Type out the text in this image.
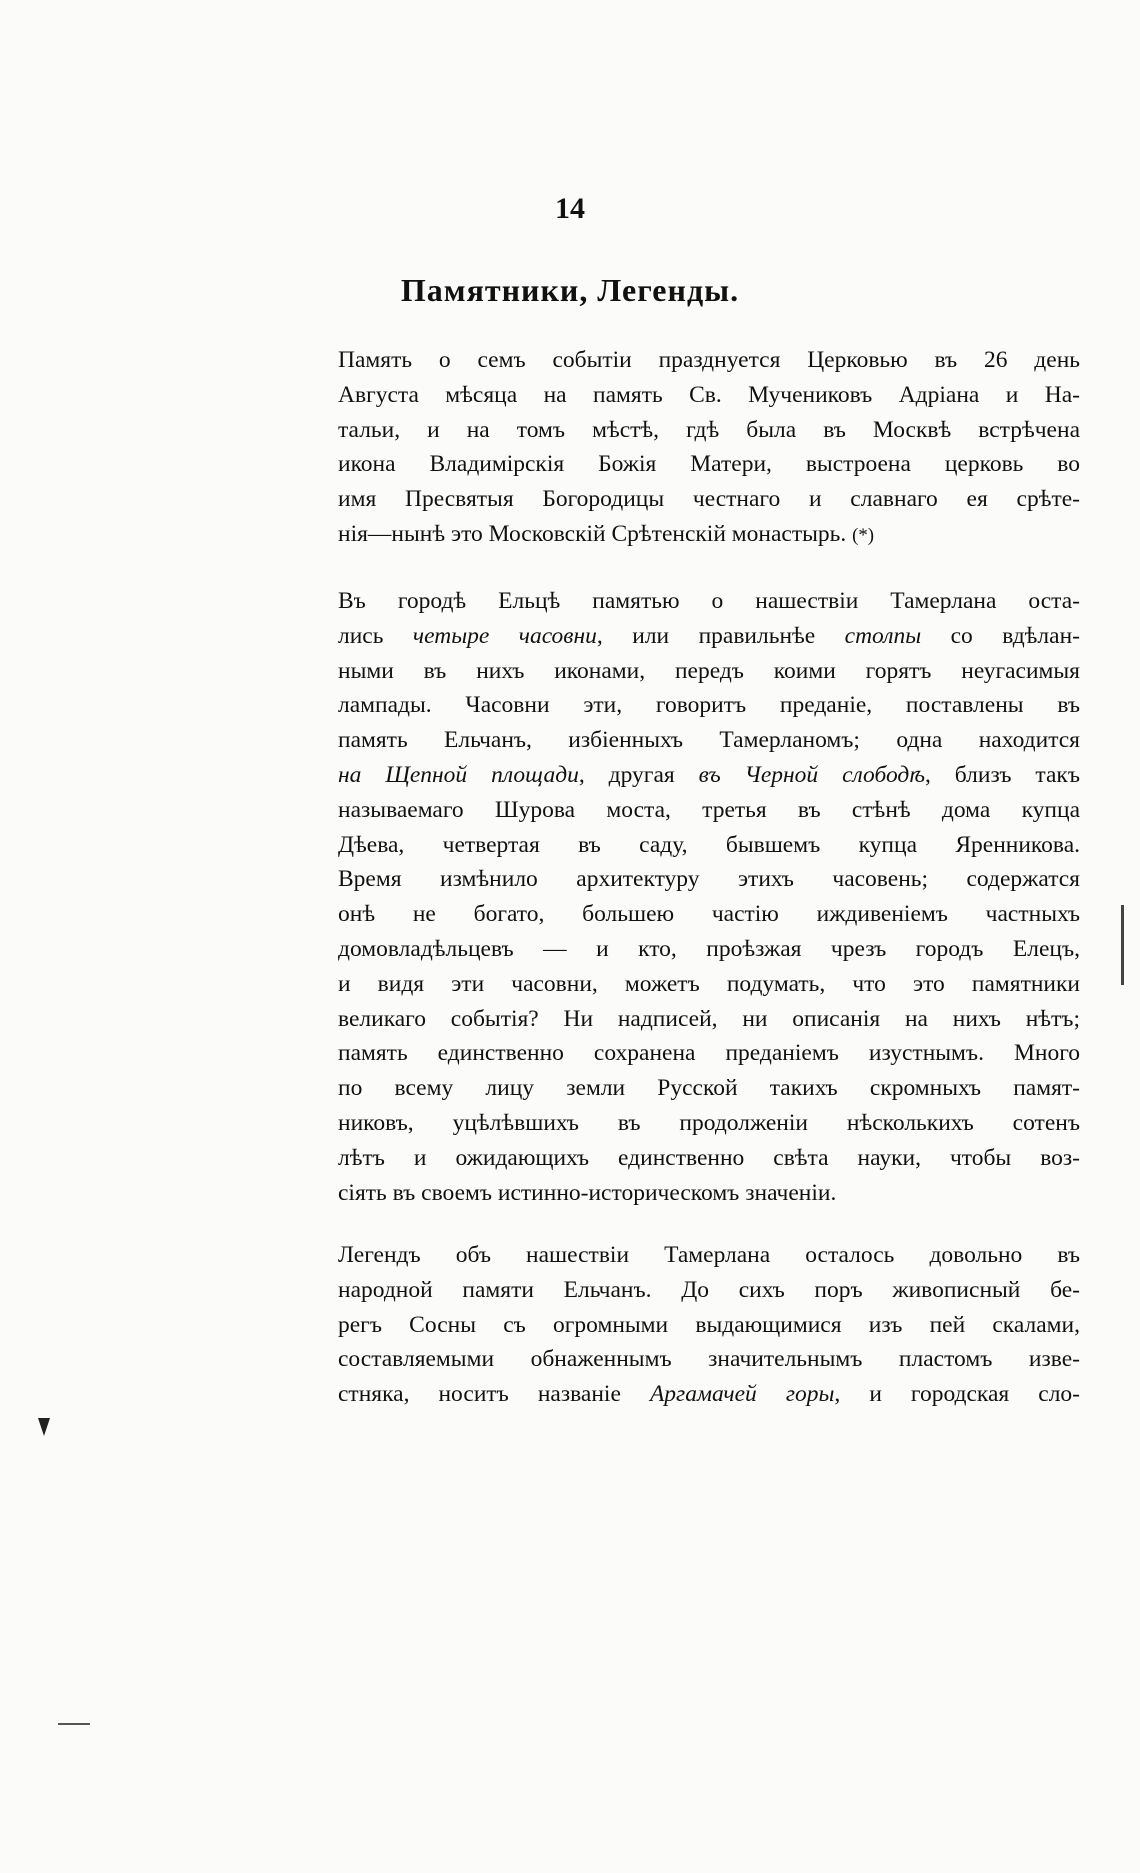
14
Памятники, Легенды.
Память о семъ событіи празднуется Церковью въ 26 день
Августа мѣсяца на память Св. Мучениковъ Адріана и На-
тальи, и на томъ мѣстѣ, гдѣ была въ Москвѣ встрѣчена
икона Владимірскія Божія Матери, выстроена церковь во
имя Пресвятыя Богородицы честнаго и славнаго ея срѣте-
нія—нынѣ это Московскій Срѣтенскій монастырь. (*)
Въ городѣ Ельцѣ памятью о нашествіи Тамерлана оста-
лись четыре часовни, или правильнѣе столпы со вдѣлан-
ными въ нихъ иконами, передъ коими горятъ неугасимыя
лампады. Часовни эти, говоритъ преданіе, поставлены въ
память Ельчанъ, избіенныхъ Тамерланомъ; одна находится
на Щепной площади, другая въ Черной слободѣ, близъ такъ
называемаго Шурова моста, третья въ стѣнѣ дома купца
Дѣева, четвертая въ саду, бывшемъ купца Яренникова.
Время измѣнило архитектуру этихъ часовень; содержатся
онѣ не богато, большею частію иждивеніемъ частныхъ
домовладѣльцевъ — и кто, проѣзжая чрезъ городъ Елецъ,
и видя эти часовни, можетъ подумать, что это памятники
великаго событія? Ни надписей, ни описанія на нихъ нѣтъ;
память единственно сохранена преданіемъ изустнымъ. Много
по всему лицу земли Русской такихъ скромныхъ памят-
никовъ, уцѣлѣвшихъ въ продолженіи нѣсколькихъ сотенъ
лѣтъ и ожидающихъ единственно свѣта науки, чтобы воз-
сіять въ своемъ истинно-историческомъ значеніи.
Легендъ объ нашествіи Тамерлана осталось довольно въ
народной памяти Ельчанъ. До сихъ поръ живописный бе-
регъ Сосны съ огромными выдающимися изъ пей скалами,
составляемыми обнаженнымъ значительнымъ пластомъ изве-
стняка, носитъ названіе Аргамачей горы, и городская сло-
